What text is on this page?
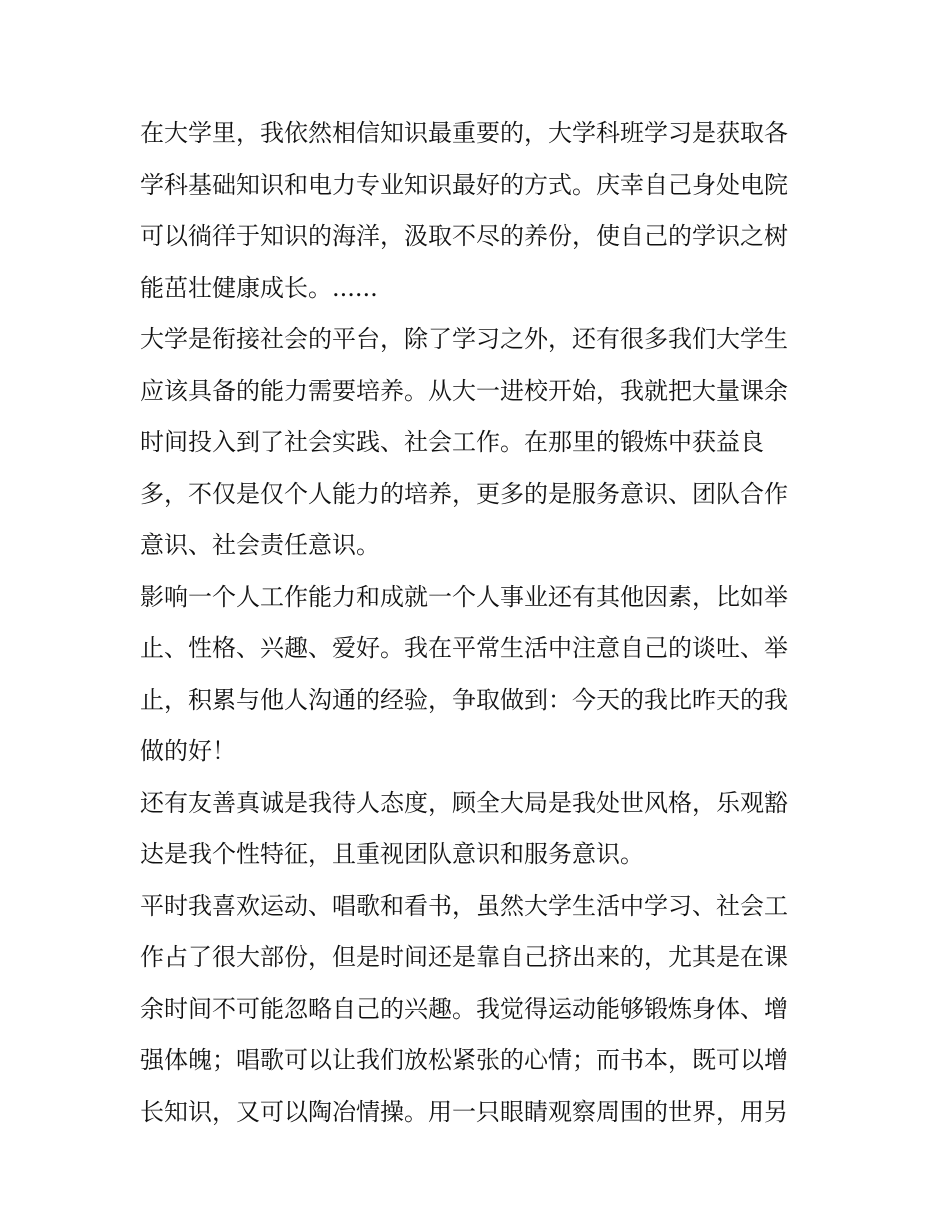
在大学里，我依然相信知识最重要的，大学科班学习是获取各
学科基础知识和电力专业知识最好的方式。庆幸自己身处电院
可以徜徉于知识的海洋，汲取不尽的养份，使自己的学识之树
能茁壮健康成长。......
大学是衔接社会的平台，除了学习之外，还有很多我们大学生
应该具备的能力需要培养。从大一进校开始，我就把大量课余
时间投入到了社会实践、社会工作。在那里的锻炼中获益良
多，不仅是仅个人能力的培养，更多的是服务意识、团队合作
意识、社会责任意识。
影响一个人工作能力和成就一个人事业还有其他因素，比如举
止、性格、兴趣、爱好。我在平常生活中注意自己的谈吐、举
止，积累与他人沟通的经验，争取做到：今天的我比昨天的我
做的好！
还有友善真诚是我待人态度，顾全大局是我处世风格，乐观豁
达是我个性特征，且重视团队意识和服务意识。
平时我喜欢运动、唱歌和看书，虽然大学生活中学习、社会工
作占了很大部份，但是时间还是靠自己挤出来的，尤其是在课
余时间不可能忽略自己的兴趣。我觉得运动能够锻炼身体、增
强体魄；唱歌可以让我们放松紧张的心情；而书本，既可以增
长知识，又可以陶冶情操。用一只眼睛观察周围的世界，用另
